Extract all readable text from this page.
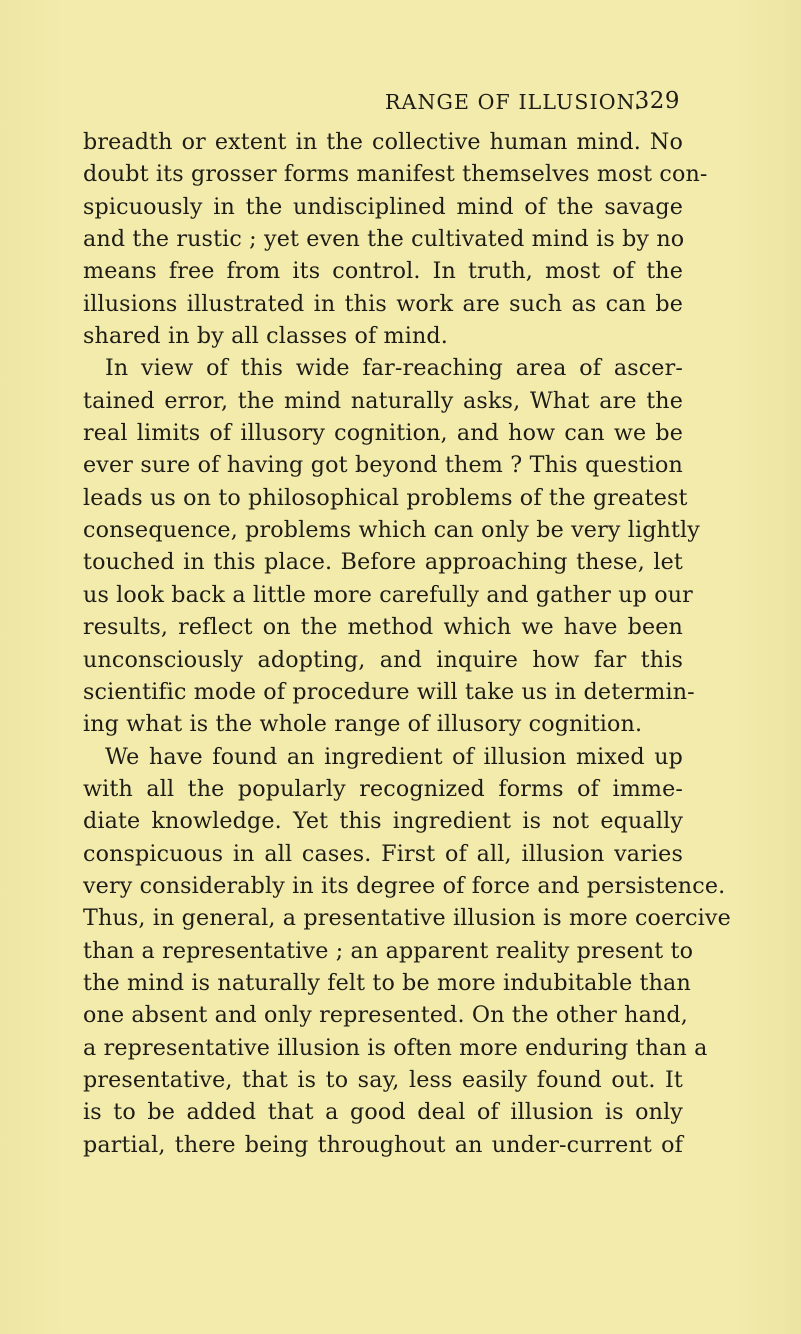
RANGE OF ILLUSION.
329
breadth or extent in the collective human mind. No
doubt its grosser forms manifest themselves most con-
spicuously in the undisciplined mind of the savage
and the rustic ; yet even the cultivated mind is by no
means free from its control. In truth, most of the
illusions illustrated in this work are such as can be
shared in by all classes of mind.
In view of this wide far-reaching area of ascer-
tained error, the mind naturally asks, What are the
real limits of illusory cognition, and how can we be
ever sure of having got beyond them ? This question
leads us on to philosophical problems of the greatest
consequence, problems which can only be very lightly
touched in this place. Before approaching these, let
us look back a little more carefully and gather up our
results, reflect on the method which we have been
unconsciously adopting, and inquire how far this
scientific mode of procedure will take us in determin-
ing what is the whole range of illusory cognition.
We have found an ingredient of illusion mixed up
with all the popularly recognized forms of imme-
diate knowledge. Yet this ingredient is not equally
conspicuous in all cases. First of all, illusion varies
very considerably in its degree of force and persistence.
Thus, in general, a presentative illusion is more coercive
than a representative ; an apparent reality present to
the mind is naturally felt to be more indubitable than
one absent and only represented. On the other hand,
a representative illusion is often more enduring than a
presentative, that is to say, less easily found out. It
is to be added that a good deal of illusion is only
partial, there being throughout an under-current of
